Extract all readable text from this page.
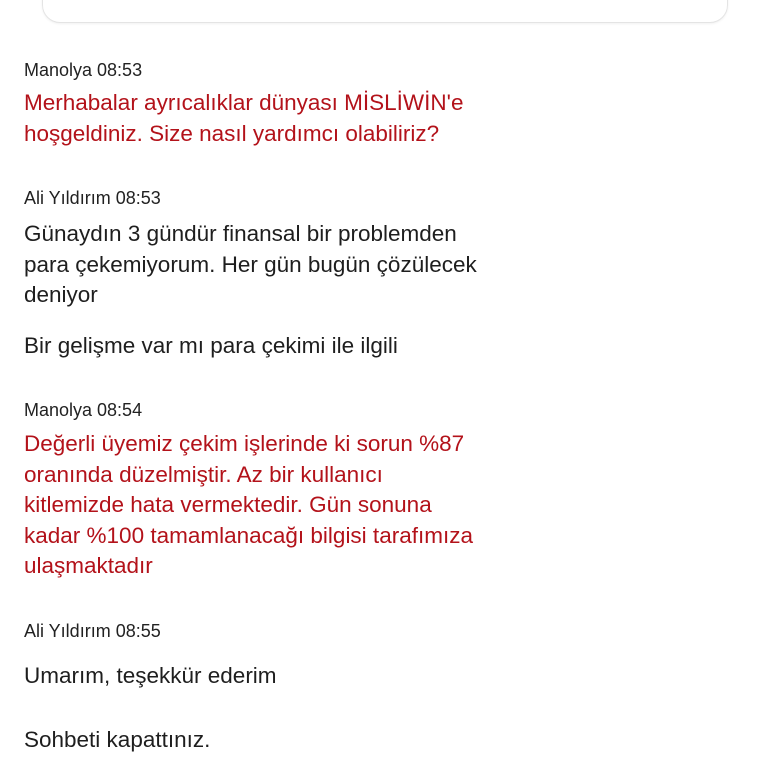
Manolya 08:53
Merhabalar ayrıcalıklar dünyası MİSLİWİN'e
hoşgeldiniz. Size nasıl yardımcı olabiliriz?
Ali Yıldırım 08:53
Günaydın 3 gündür finansal bir problemden
para çekemiyorum. Her gün bugün çözülecek
deniyor
Bir gelişme var mı para çekimi ile ilgili
Manolya 08:54
Değerli üyemiz çekim işlerinde ki sorun %87
oranında düzelmiştir. Az bir kullanıcı
kitlemizde hata vermektedir. Gün sonuna
kadar %100 tamamlanacağı bilgisi tarafımıza
ulaşmaktadır
Ali Yıldırım 08:55
Umarım, teşekkür ederim
Sohbeti kapattınız.
